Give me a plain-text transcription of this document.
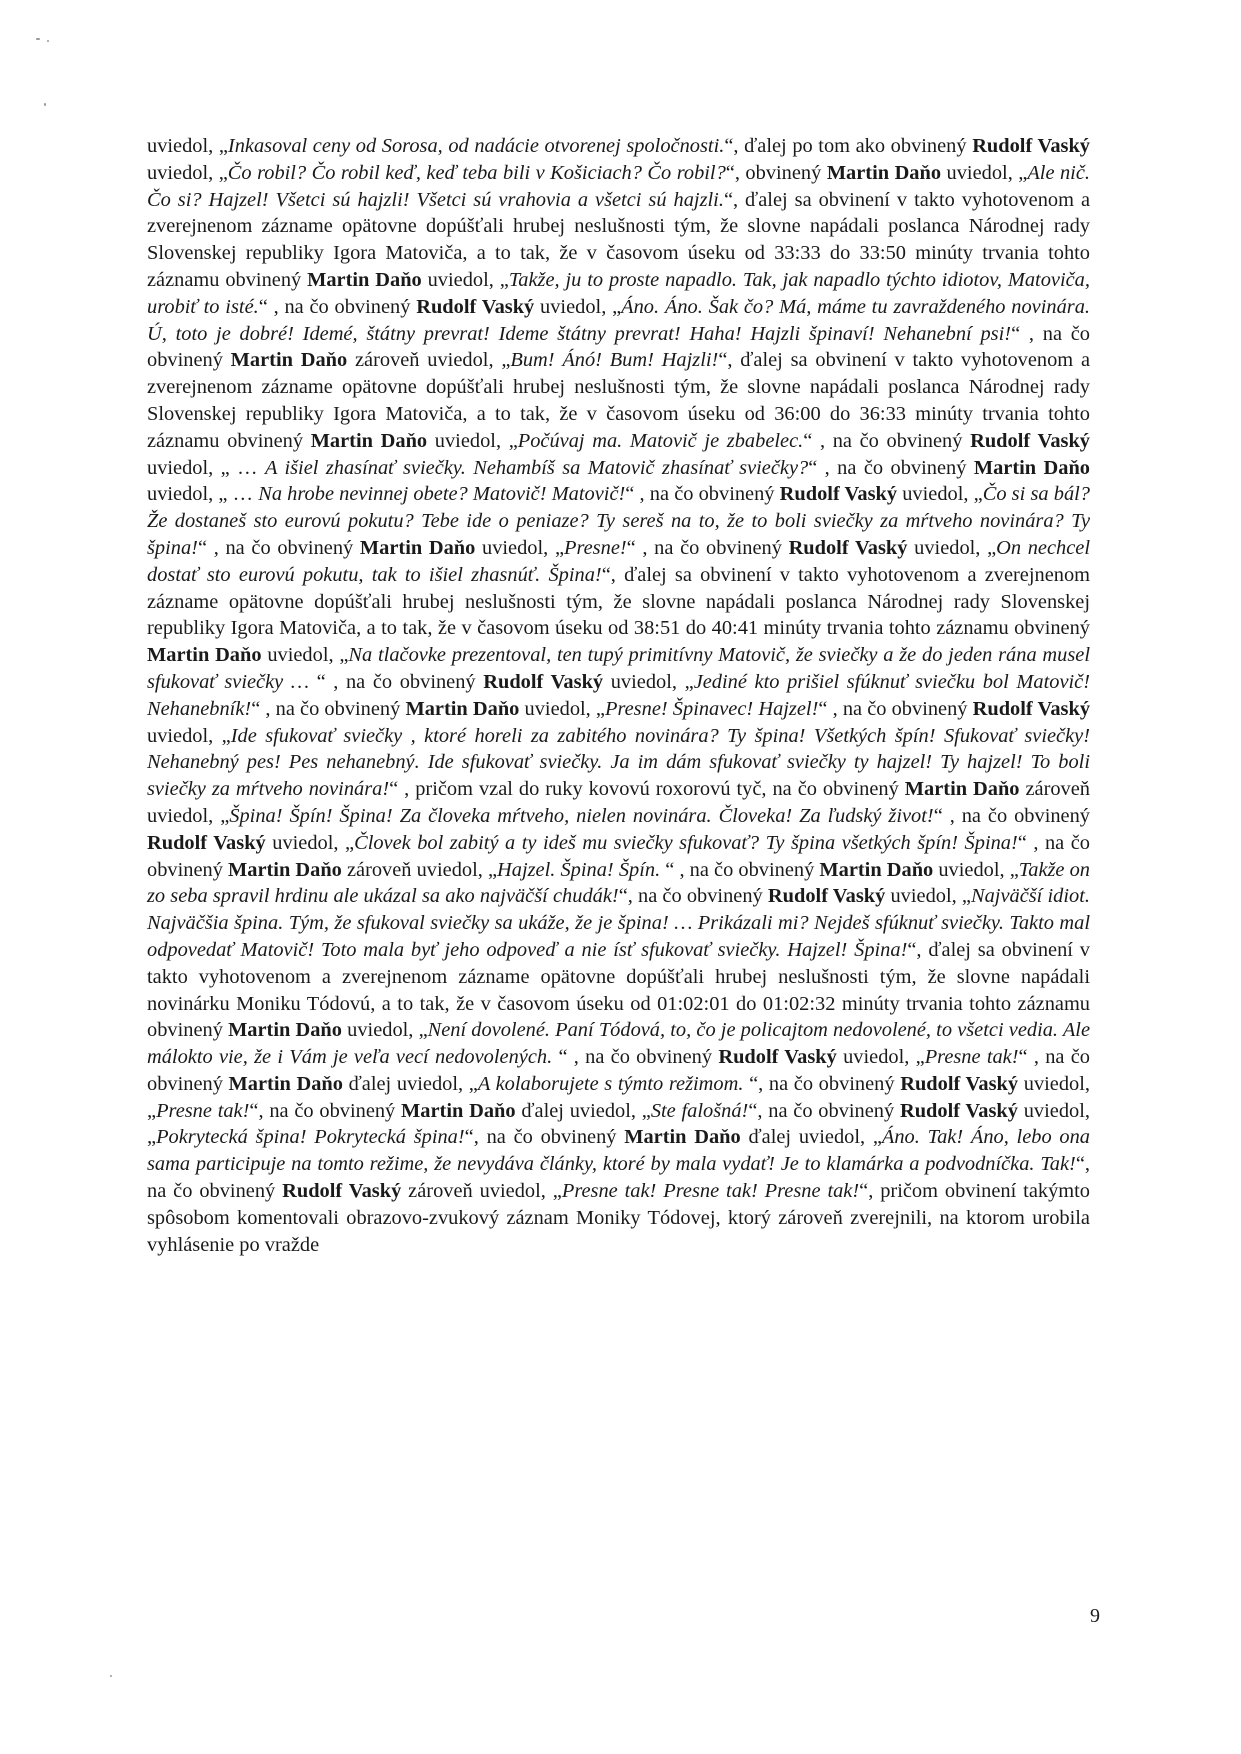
uviedol, „Inkasoval ceny od Sorosa, od nadácie otvorenej spoločnosti.“, ďalej po tom ako obvinený Rudolf Vaský uviedol, „Čo robil? Čo robil keď, keď teba bili v Košiciach? Čo robil?“, obvinený Martin Daňo uviedol, „Ale nič. Čo si? Hajzel! Všetci sú hajzli! Všetci sú vrahovia a všetci sú hajzli.“, ďalej sa obvinení v takto vyhotovenom a zverejnenom zázname opätovne dopúšťali hrubej neslušnosti tým, že slovne napádali poslanca Národnej rady Slovenskej republiky Igora Matoviča, a to tak, že v časovom úseku od 33:33 do 33:50 minúty trvania tohto záznamu obvinený Martin Daňo uviedol, „Takže, ju to proste napadlo. Tak, jak napadlo týchto idiotov, Matoviča, urobiť to isté.“ , na čo obvinený Rudolf Vaský uviedol, „Áno. Áno. Šak čo? Má, máme tu zavraždeného novinára. Ú, toto je dobré! Idemé, štátny prevrat! Ideme štátny prevrat! Haha! Hajzli špinaví! Nehanební psi!“ , na čo obvinený Martin Daňo zároveň uviedol, „Bum! Ánó! Bum! Hajzli!“, ďalej sa obvinení v takto vyhotovenom a zverejnenom zázname opätovne dopúšťali hrubej neslušnosti tým, že slovne napádali poslanca Národnej rady Slovenskej republiky Igora Matoviča, a to tak, že v časovom úseku od 36:00 do 36:33 minúty trvania tohto záznamu obvinený Martin Daňo uviedol, „Počúvaj ma. Matovič je zbabelec.“ , na čo obvinený Rudolf Vaský uviedol, „ … A išiel zhasínať sviečky. Nehambíš sa Matovič zhasínať sviečky?“ , na čo obvinený Martin Daňo uviedol, „ … Na hrobe nevinnej obete? Matovič! Matovič!“ , na čo obvinený Rudolf Vaský uviedol, „Čo si sa bál? Že dostaneš sto eurovú pokutu? Tebe ide o peniaze? Ty sereš na to, že to boli sviečky za mŕtveho novinára? Ty špina!“ , na čo obvinený Martin Daňo uviedol, „Presne!“ , na čo obvinený Rudolf Vaský uviedol, „On nechcel dostať sto eurovú pokutu, tak to išiel zhasnúť. Špina!“, ďalej sa obvinení v takto vyhotovenom a zverejnenom zázname opätovne dopúšťali hrubej neslušnosti tým, že slovne napádali poslanca Národnej rady Slovenskej republiky Igora Matoviča, a to tak, že v časovom úseku od 38:51 do 40:41 minúty trvania tohto záznamu obvinený Martin Daňo uviedol, „Na tlačovke prezentoval, ten tupý primitívny Matovič, že sviečky a že do jeden rána musel sfukovať sviečky … “ , na čo obvinený Rudolf Vaský uviedol, „Jediné kto prišiel sfúknuť sviečku bol Matovič! Nehanebník!“ , na čo obvinený Martin Daňo uviedol, „Presne! Špinavec! Hajzel!“ , na čo obvinený Rudolf Vaský uviedol, „Ide sfukovať sviečky , ktoré horeli za zabitého novinára? Ty špina! Všetkých špín! Sfukovať sviečky! Nehanebný pes! Pes nehanebný. Ide sfukovať sviečky. Ja im dám sfukovať sviečky ty hajzel! Ty hajzel! To boli sviečky za mŕtveho novinára!“ , pričom vzal do ruky kovovú roxorovú tyč, na čo obvinený Martin Daňo zároveň uviedol, „Špina! Špín! Špina! Za človeka mŕtveho, nielen novinára. Človeka! Za ľudský život!“ , na čo obvinený Rudolf Vaský uviedol, „Človek bol zabitý a ty ideš mu sviečky sfukovať? Ty špina všetkých špín! Špina!“ , na čo obvinený Martin Daňo zároveň uviedol, „Hajzel. Špina! Špín. “ , na čo obvinený Martin Daňo uviedol, „Takže on zo seba spravil hrdinu ale ukázal sa ako najväčší chudák!“, na čo obvinený Rudolf Vaský uviedol, „Najväčší idiot. Najväčšia špina. Tým, že sfukoval sviečky sa ukáže, že je špina! … Prikázali mi? Nejdeš sfúknuť sviečky. Takto mal odpovedať Matovič! Toto mala byť jeho odpoveď a nie ísť sfukovať sviečky. Hajzel! Špina!“, ďalej sa obvinení v takto vyhotovenom a zverejnenom zázname opätovne dopúšťali hrubej neslušnosti tým, že slovne napádali novinárku Moniku Tódovú, a to tak, že v časovom úseku od 01:02:01 do 01:02:32 minúty trvania tohto záznamu obvinený Martin Daňo uviedol, „Není dovolené. Paní Tódová, to, čo je policajtom nedovolené, to všetci vedia. Ale málokto vie, že i Vám je veľa vecí nedovolených. “ , na čo obvinený Rudolf Vaský uviedol, „Presne tak!“ , na čo obvinený Martin Daňo ďalej uviedol, „A kolaborujete s týmto režimom. “, na čo obvinený Rudolf Vaský uviedol, „Presne tak!“, na čo obvinený Martin Daňo ďalej uviedol, „Ste falošná!“, na čo obvinený Rudolf Vaský uviedol, „Pokrytecká špina! Pokrytecká špina!“, na čo obvinený Martin Daňo ďalej uviedol, „Áno. Tak! Áno, lebo ona sama participuje na tomto režime, že nevydáva články, ktoré by mala vydať! Je to klamárka a podvodníčka. Tak!“, na čo obvinený Rudolf Vaský zároveň uviedol, „Presne tak! Presne tak! Presne tak!“, pričom obvinení takýmto spôsobom komentovali obrazovo-zvukový záznam Moniky Tódovej, ktorý zároveň zverejnili, na ktorom urobila vyhlásenie po vražde

9
